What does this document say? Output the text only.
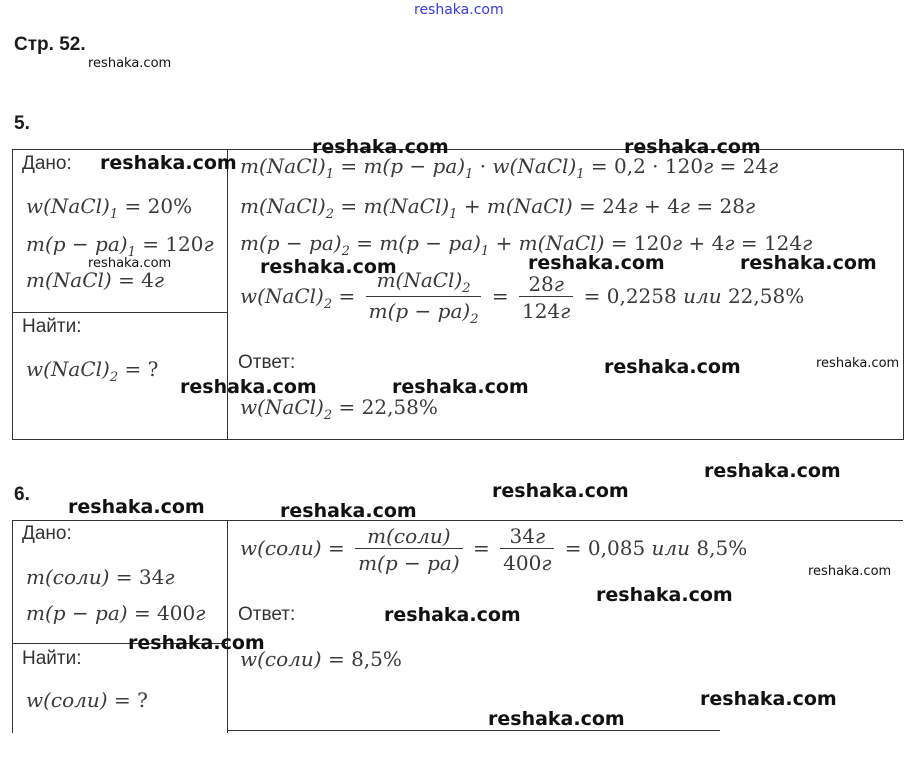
reshaka.com
Стр. 52.
reshaka.com
5.
Дано:
$w(NaCl)_1 = 20\%$
$m(p - pa)_1 = 120г$
m(NaCl) = 4г
Найти:
$w(NaCl)_2$ = ?
$m(NaCl)_1 = m(p - pa)_1$ · $w(NaCl)_1 = 0,2 \cdot 120г = 24г$
$m(NaCl)_2$ = $m(NaCl)_1$ + m(NaCl) = 24г + 4г = 28г
$m(p - pa)_2 = m(p - pa)_1$ + m(NaCl) = 120г + 4г = 124г
$w(NaCl)_2 = \frac{m(NaCl)_2}{m(p - pa)_2} = \frac{28г}{124г} = 0,2258$ или 22,58%
Ответ:
$w(NaCl)_2 = 22,58\%$
6.
Дано:
m(соли) = 34г
m(p − pa) = 400г
Найти:
w(соли) = ?
w(соли) = $\frac{\text{m(соли)}}{m(p - pa)} = \frac{34г}{400г} = 0,085$ или 8,5%
Ответ:
w(соли) = 8,5%
reshaka.com	reshaka.com
reshaka.com
reshaka.com	reshaka.com	reshaka.com	reshaka.com
reshaka.com	reshaka.com
reshaka.com	reshaka.com
reshaka.com
reshaka.com
reshaka.com	reshaka.com
reshaka.com
reshaka.com
reshaka.com
reshaka.com
reshaka.com
reshaka.com
